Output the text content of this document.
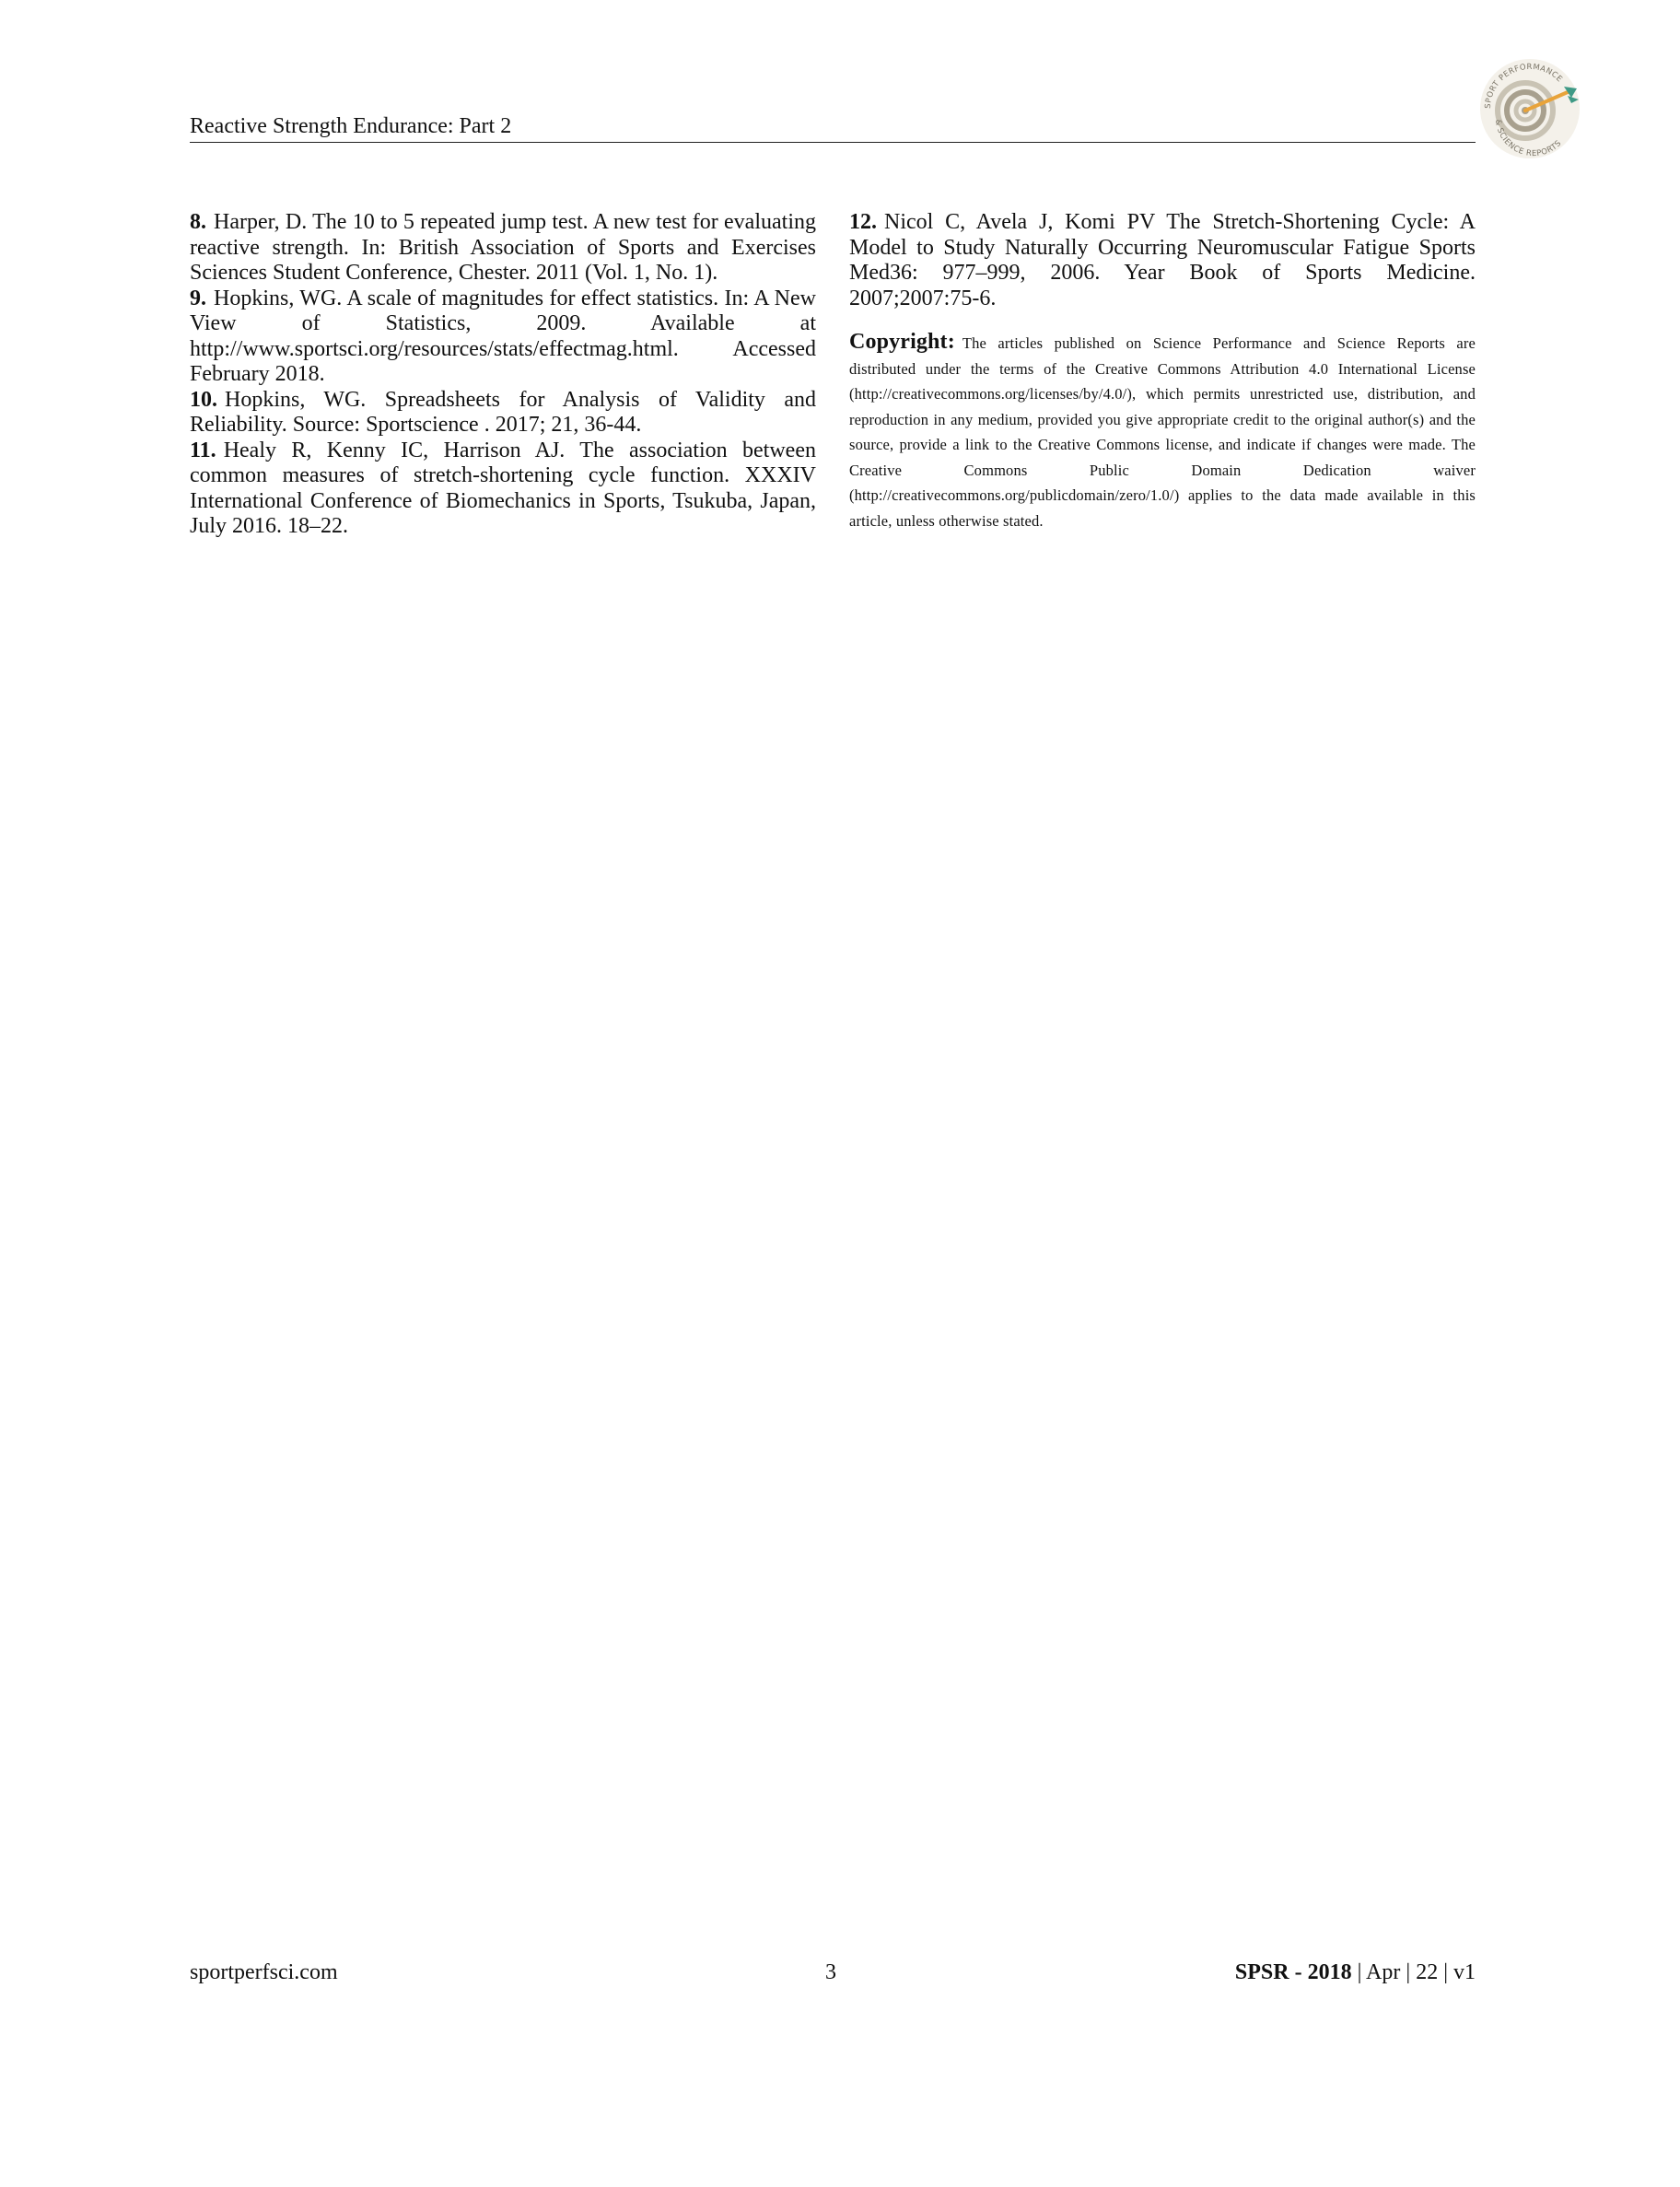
Reactive Strength Endurance: Part 2
SPORT PERFORMANCE
& SCIENCE REPORTS

8. Harper, D. The 10 to 5 repeated jump test. A new test for evaluating reactive strength. In: British Association of Sports and Exercises Sciences Student Conference, Chester. 2011 (Vol. 1, No. 1).

9. Hopkins, WG. A scale of magnitudes for effect statistics. In: A New View of Statistics, 2009. Available at http://www.sportsci.org/resources/stats/effectmag.html. Accessed February 2018.

10. Hopkins, WG. Spreadsheets for Analysis of Validity and Reliability. Source: Sportscience . 2017; 21, 36-44.

11. Healy R, Kenny IC, Harrison AJ. The association between common measures of stretch-shortening cycle function. XXXIV International Conference of Biomechanics in Sports, Tsukuba, Japan, July 2016. 18–22.

12. Nicol C, Avela J, Komi PV The Stretch-Shortening Cycle: A Model to Study Naturally Occurring Neuromuscular Fatigue Sports Med36: 977–999, 2006. Year Book of Sports Medicine. 2007;2007:75-6.

Copyright: The articles published on Science Performance and Science Reports are distributed under the terms of the Creative Commons Attribution 4.0 International License (http://creativecommons.org/licenses/by/4.0/), which permits unrestricted use, distribution, and reproduction in any medium, provided you give appropriate credit to the original author(s) and the source, provide a link to the Creative Commons license, and indicate if changes were made. The Creative Commons Public Domain Dedication waiver (http://creativecommons.org/publicdomain/zero/1.0/) applies to the data made available in this article, unless otherwise stated.

sportperfsci.com	3	SPSR - 2018 | Apr | 22 | v1
